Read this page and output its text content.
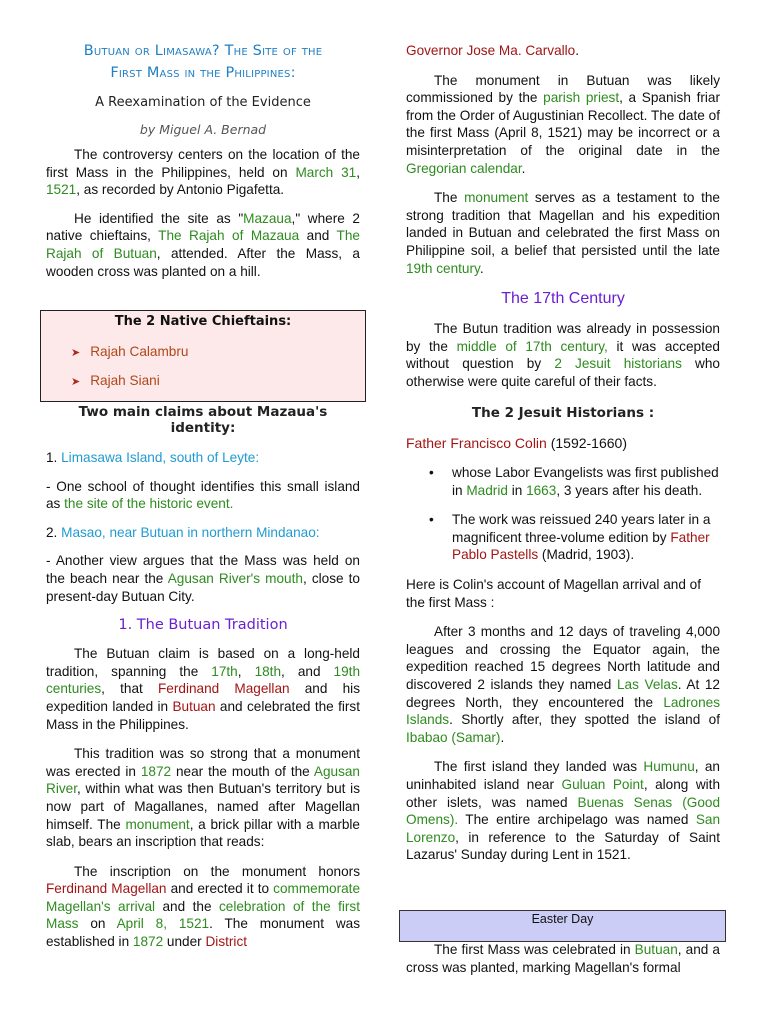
Butuan or Limasawa? The Site of the
First Mass in the Philippines:
A Reexamination of the Evidence
by Miguel A. Bernad

The controversy centers on the location of the first Mass in the Philippines, held on March 31, 1521, as recorded by Antonio Pigafetta.

He identified the site as "Mazaua," where 2 native chieftains, The Rajah of Mazaua and The Rajah of Butuan, attended. After the Mass, a wooden cross was planted on a hill.

The 2 Native Chieftains:
➤ Rajah Calambru
➤ Rajah Siani
Two main claims about Mazaua's identity:

1. Limasawa Island, south of Leyte:

- One school of thought identifies this small island as the site of the historic event.

2. Masao, near Butuan in northern Mindanao:

- Another view argues that the Mass was held on the beach near the Agusan River's mouth, close to present-day Butuan City.

1. The Butuan Tradition

The Butuan claim is based on a long-held tradition, spanning the 17th, 18th, and 19th centuries, that Ferdinand Magellan and his expedition landed in Butuan and celebrated the first Mass in the Philippines.

This tradition was so strong that a monument was erected in 1872 near the mouth of the Agusan River, within what was then Butuan's territory but is now part of Magallanes, named after Magellan himself. The monument, a brick pillar with a marble slab, bears an inscription that reads:

The inscription on the monument honors Ferdinand Magellan and erected it to commemorate Magellan's arrival and the celebration of the first Mass on April 8, 1521. The monument was established in 1872 under District

Governor Jose Ma. Carvallo.

The monument in Butuan was likely commissioned by the parish priest, a Spanish friar from the Order of Augustinian Recollect. The date of the first Mass (April 8, 1521) may be incorrect or a misinterpretation of the original date in the Gregorian calendar.

The monument serves as a testament to the strong tradition that Magellan and his expedition landed in Butuan and celebrated the first Mass on Philippine soil, a belief that persisted until the late 19th century.

The 17th Century

The Butun tradition was already in possession by the middle of 17th century, it was accepted without question by 2 Jesuit historians who otherwise were quite careful of their facts.

The 2 Jesuit Historians :

Father Francisco Colin (1592-1660)

• whose Labor Evangelists was first published in Madrid in 1663, 3 years after his death.
• The work was reissued 240 years later in a magnificent three-volume edition by Father Pablo Pastells (Madrid, 1903).

Here is Colin's account of Magellan arrival and of the first Mass :

After 3 months and 12 days of traveling 4,000 leagues and crossing the Equator again, the expedition reached 15 degrees North latitude and discovered 2 islands they named Las Velas. At 12 degrees North, they encountered the Ladrones Islands. Shortly after, they spotted the island of Ibabao (Samar).

The first island they landed was Humunu, an uninhabited island near Guluan Point, along with other islets, was named Buenas Senas (Good Omens). The entire archipelago was named San Lorenzo, in reference to the Saturday of Saint Lazarus' Sunday during Lent in 1521.

Easter Day

The first Mass was celebrated in Butuan, and a cross was planted, marking Magellan's formal
